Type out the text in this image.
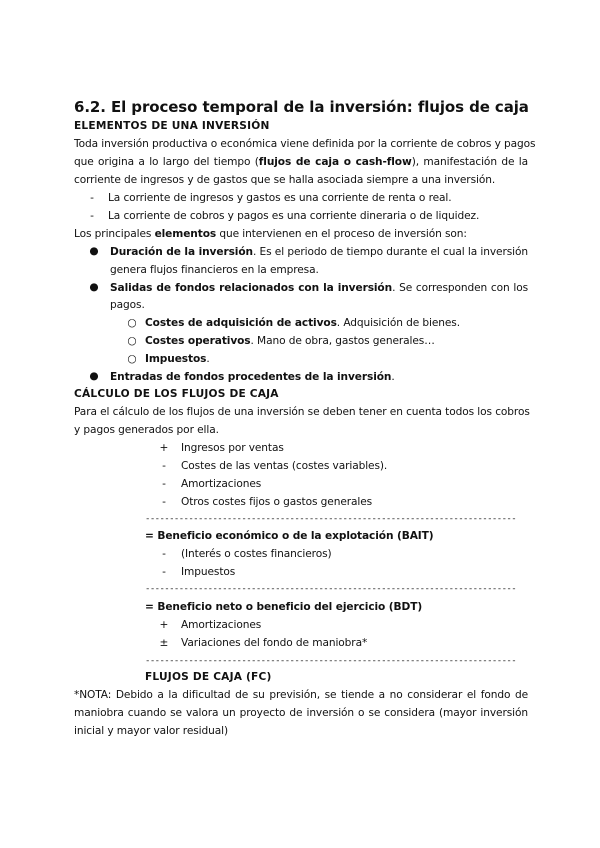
6.2. El proceso temporal de la inversión: flujos de caja
ELEMENTOS DE UNA INVERSIÓN
Toda inversión productiva o económica viene definida por la corriente de cobros y pagos
que origina a lo largo del tiempo (flujos de caja o cash-flow), manifestación de la
corriente de ingresos y de gastos que se halla asociada siempre a una inversión.
-	La corriente de ingresos y gastos es una corriente de renta o real.
-	La corriente de cobros y pagos es una corriente dineraria o de liquidez.
Los principales elementos que intervienen en el proceso de inversión son:
● Duración de la inversión. Es el periodo de tiempo durante el cual la inversión
genera flujos financieros en la empresa.
● Salidas de fondos relacionados con la inversión. Se corresponden con los
pagos.
○ Costes de adquisición de activos. Adquisición de bienes.
○ Costes operativos. Mano de obra, gastos generales…
○ Impuestos.
● Entradas de fondos procedentes de la inversión.
CÁLCULO DE LOS FLUJOS DE CAJA
Para el cálculo de los flujos de una inversión se deben tener en cuenta todos los cobros
y pagos generados por ella.
+ Ingresos por ventas
-	Costes de las ventas (costes variables).
-	Amortizaciones
-	Otros costes fijos o gastos generales
-----------------------------------------------------------------------------
= Beneficio económico o de la explotación (BAIT)
-	(Interés o costes financieros)
-	Impuestos
-----------------------------------------------------------------------------
= Beneficio neto o beneficio del ejercicio (BDT)
+ Amortizaciones
± Variaciones del fondo de maniobra*
-----------------------------------------------------------------------------
FLUJOS DE CAJA (FC)
*NOTA: Debido a la dificultad de su previsión, se tiende a no considerar el fondo de
maniobra cuando se valora un proyecto de inversión o se considera (mayor inversión
inicial y mayor valor residual)
